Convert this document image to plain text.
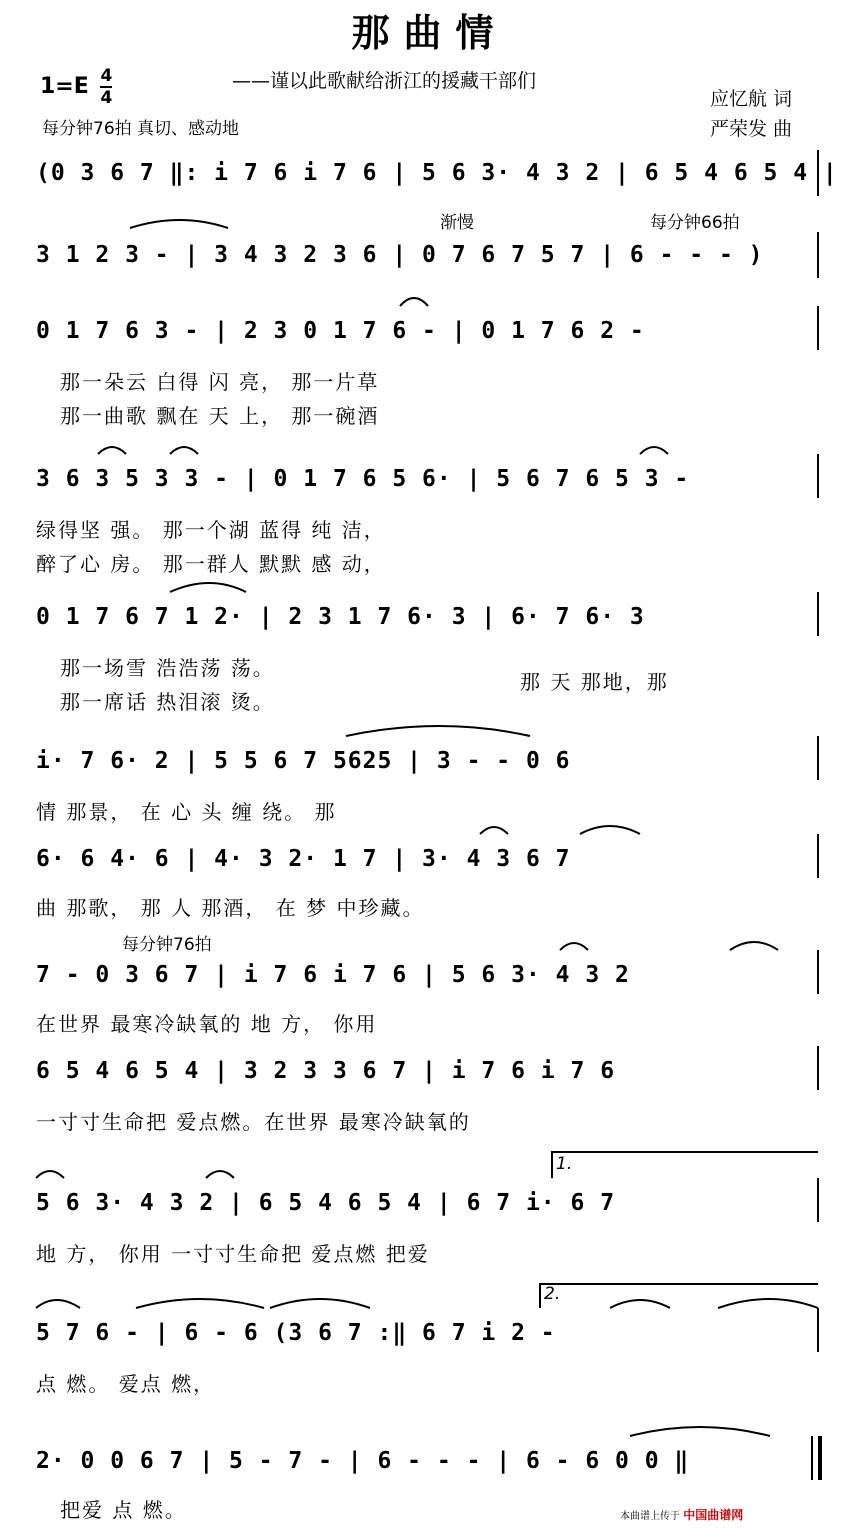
那曲情
$1=E \frac{4}{4}$	——谨以此歌献给浙江的援藏干部们
每分钟76拍 真切、感动地
应忆航 词
严荣发 曲
渐慢	每分钟66拍
每分钟76拍
1.
2.
(0 3 6 7 ‖: i 7 6 i 7 6 | 5 6 3· 4 3 2 | 6 5 4 6 5 4 |
3 1 2 3 - | 3 4 3 2 3 6 | 0 7 6 7 5 7 | 6 - - - )
0 1 7 6 3 - | 2 3 0 1 7 6 - | 0 1 7 6 2 -
那一朵云 白得 闪 亮， 那一片草
那一曲歌 飘在 天 上， 那一碗酒
3 6 3 5 3 3 - | 0 1 7 6 5 6· | 5 6 7 6 5 3 -
绿得坚 强。 那一个湖 蓝得 纯 洁，
醉了心 房。 那一群人 默默 感 动，
0 1 7 6 7 1 2· | 2 3 1 7 6· 3 | 6· 7 6· 3
那一场雪 浩浩荡 荡。
那一席话 热泪滚 烫。
那 天 那地，那
i· 7 6· 2 | 5 5 6 7 5625 | 3 - - 0 6
情 那景， 在 心 头 缠 绕。 那
6· 6 4· 6 | 4· 3 2· 1 7 | 3· 4 3 6 7
曲 那歌， 那 人 那酒， 在 梦 中珍藏。
7 - 0 3 6 7 | i 7 6 i 7 6 | 5 6 3· 4 3 2
在世界 最寒冷缺氧的 地 方， 你用
6 5 4 6 5 4 | 3 2 3 3 6 7 | i 7 6 i 7 6
一寸寸生命把 爱点燃。在世界 最寒冷缺氧的
5 6 3· 4 3 2 | 6 5 4 6 5 4 | 6 7 i· 6 7
地 方， 你用 一寸寸生命把 爱点燃 把爱
5 7 6 - | 6 - 6 (3 6 7 :‖ 6 7 i 2 -
点 燃。 爱点 燃，
2· 0 0 6 7 | 5 - 7 - | 6 - - - | 6 - 6 0 0 ‖
把爱 点 燃。	本曲谱上传于 中国曲谱网
